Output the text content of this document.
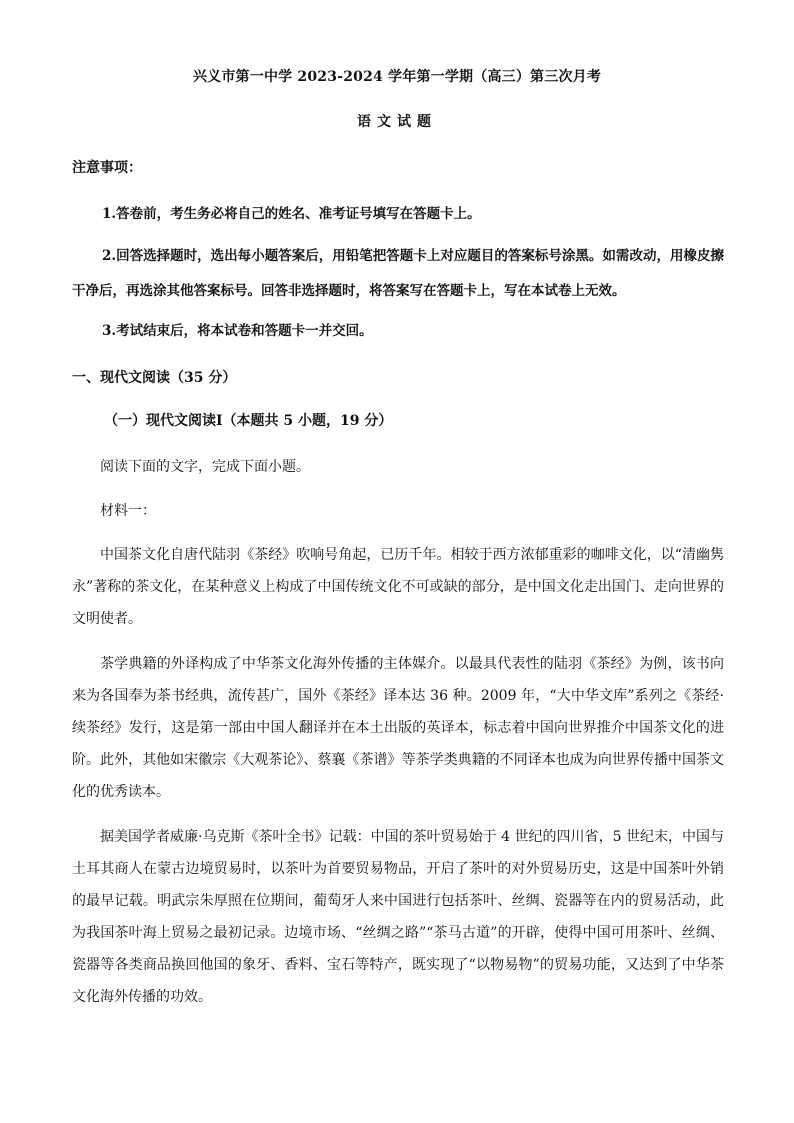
兴义市第一中学 2023-2024 学年第一学期（高三）第三次月考
语文试题
注意事项：
1.答卷前，考生务必将自己的姓名、准考证号填写在答题卡上。
2.回答选择题时，选出每小题答案后，用铅笔把答题卡上对应题目的答案标号涂黑。如需改动，用橡皮擦干净后，再选涂其他答案标号。回答非选择题时，将答案写在答题卡上，写在本试卷上无效。
3.考试结束后，将本试卷和答题卡一并交回。
一、现代文阅读（35 分）
（一）现代文阅读Ⅰ（本题共 5 小题，19 分）
阅读下面的文字，完成下面小题。
材料一：
中国茶文化自唐代陆羽《茶经》吹响号角起，已历千年。相较于西方浓郁重彩的咖啡文化，以“清幽隽永”著称的茶文化，在某种意义上构成了中国传统文化不可或缺的部分，是中国文化走出国门、走向世界的文明使者。
茶学典籍的外译构成了中华茶文化海外传播的主体媒介。以最具代表性的陆羽《茶经》为例，该书向来为各国奉为茶书经典，流传甚广，国外《茶经》译本达 36 种。2009 年，“大中华文库”系列之《茶经·续茶经》发行，这是第一部由中国人翻译并在本土出版的英译本，标志着中国向世界推介中国茶文化的进阶。此外，其他如宋徽宗《大观茶论》、蔡襄《茶谱》等茶学类典籍的不同译本也成为向世界传播中国茶文化的优秀读本。
据美国学者威廉·乌克斯《茶叶全书》记载：中国的茶叶贸易始于 4 世纪的四川省，5 世纪末，中国与土耳其商人在蒙古边境贸易时，以茶叶为首要贸易物品，开启了茶叶的对外贸易历史，这是中国茶叶外销的最早记载。明武宗朱厚照在位期间，葡萄牙人来中国进行包括茶叶、丝绸、瓷器等在内的贸易活动，此为我国茶叶海上贸易之最初记录。边境市场、“丝绸之路”“茶马古道”的开辟，使得中国可用茶叶、丝绸、瓷器等各类商品换回他国的象牙、香料、宝石等特产，既实现了“以物易物”的贸易功能，又达到了中华茶文化海外传播的功效。
